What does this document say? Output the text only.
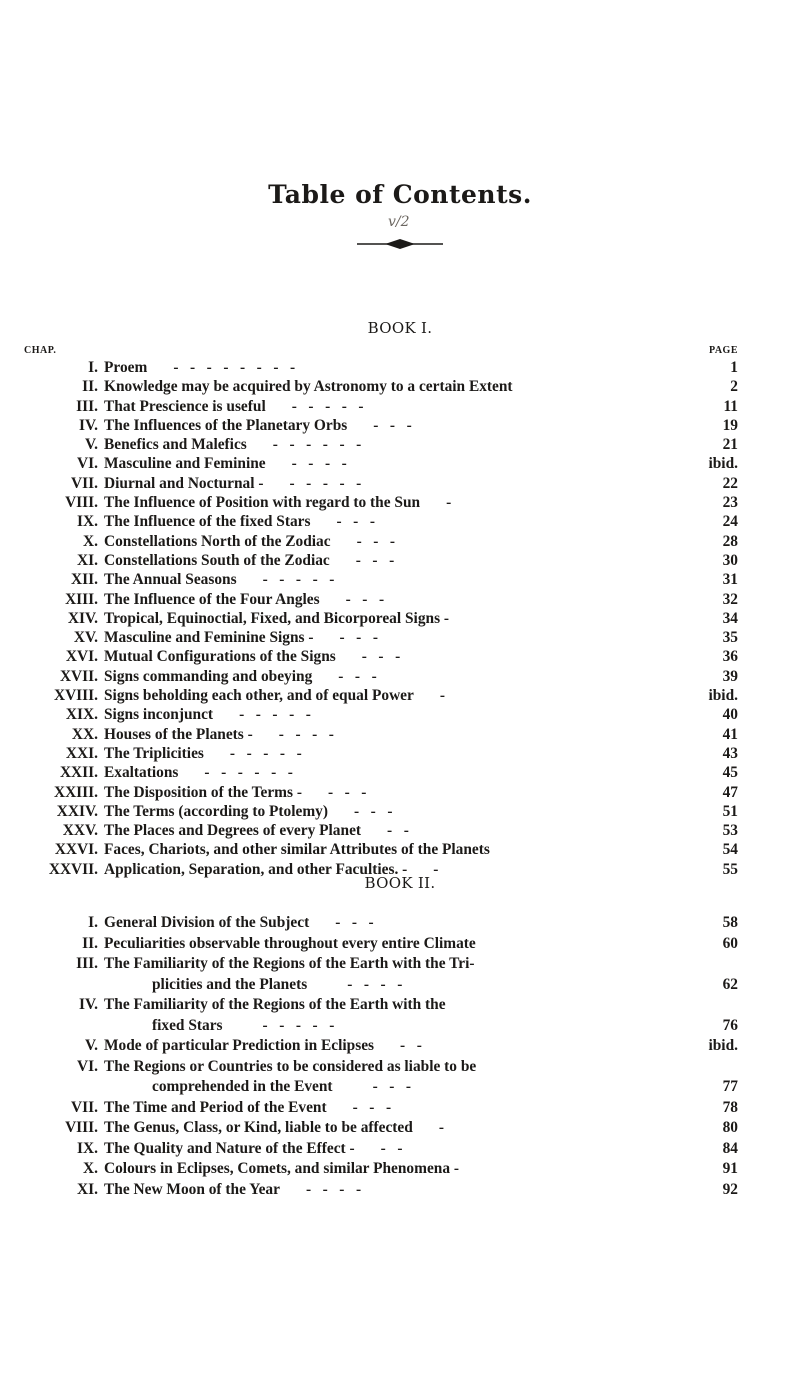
Table of Contents.
v/2
BOOK I.
CHAP.	PAGE
I. Proem -   -   -   -   -   -   -   -	1
II. Knowledge may be acquired by Astronomy to a certain Extent	2
III. That Prescience is useful -   -   -   -   -	11
IV. The Influences of the Planetary Orbs -   -   -	19
V. Benefics and Malefics -   -   -   -   -   -	21
VI. Masculine and Feminine -   -   -   -	ibid.
VII. Diurnal and Nocturnal - -   -   -   -   -	22
VIII. The Influence of Position with regard to the Sun -	23
IX. The Influence of the fixed Stars -   -   -	24
X. Constellations North of the Zodiac -   -   -	28
XI. Constellations South of the Zodiac -   -   -	30
XII. The Annual Seasons -   -   -   -   -	31
XIII. The Influence of the Four Angles -   -   -	32
XIV. Tropical, Equinoctial, Fixed, and Bicorporeal Signs -	34
XV. Masculine and Feminine Signs - -   -   -	35
XVI. Mutual Configurations of the Signs -   -   -	36
XVII. Signs commanding and obeying -   -   -	39
XVIII. Signs beholding each other, and of equal Power -	ibid.
XIX. Signs inconjunct -   -   -   -   -	40
XX. Houses of the Planets - -   -   -   -	41
XXI. The Triplicities -   -   -   -   -	43
XXII. Exaltations -   -   -   -   -   -	45
XXIII. The Disposition of the Terms - -   -   -	47
XXIV. The Terms (according to Ptolemy) -   -   -	51
XXV. The Places and Degrees of every Planet -   -	53
XXVI. Faces, Chariots, and other similar Attributes of the Planets	54
XXVII. Application, Separation, and other Faculties. - -	55
BOOK II.
I. General Division of the Subject -   -   -	58
II. Peculiarities observable throughout every entire Climate	60
III. The Familiarity of the Regions of the Earth with the Tri-
plicities and the Planets	-   -   -   -	62
IV. The Familiarity of the Regions of the Earth with the
fixed Stars	-   -   -   -   -	76
V. Mode of particular Prediction in Eclipses -   -	ibid.
VI. The Regions or Countries to be considered as liable to be
comprehended in the Event	-   -   -	77
VII. The Time and Period of the Event -   -   -	78
VIII. The Genus, Class, or Kind, liable to be affected -	80
IX. The Quality and Nature of the Effect - -   -	84
X. Colours in Eclipses, Comets, and similar Phenomena -	91
XI. The New Moon of the Year -   -   -   -	92
